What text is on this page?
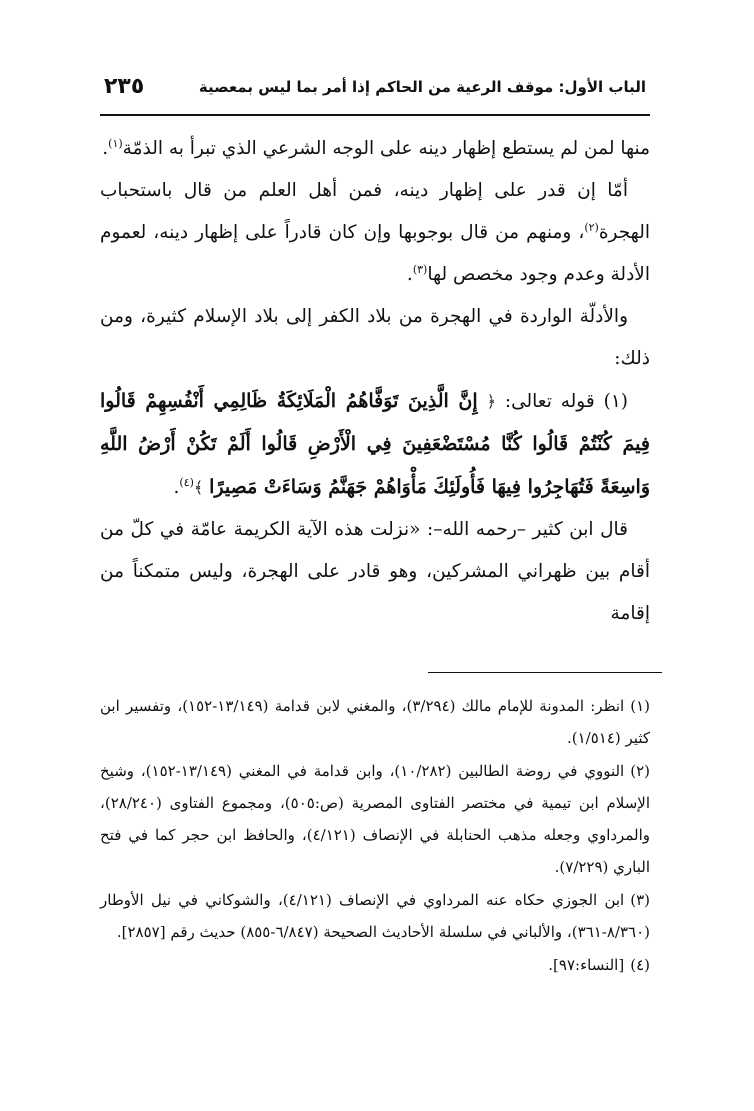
٢٣٥	الباب الأول: موقف الرعية من الحاكم إذا أمر بما ليس بمعصية

منها لمن لم يستطع إظهار دينه على الوجه الشرعي الذي تبرأ به الذمّة$^{(١)}$.

أمّا إن قدر على إظهار دينه، فمن أهل العلم من قال باستحباب الهجرة$^{(٢)}$، ومنهم من قال بوجوبها وإن كان قادراً على إظهار دينه، لعموم الأدلة وعدم وجود مخصص لها$^{(٣)}$.

والأدلّة الواردة في الهجرة من بلاد الكفر إلى بلاد الإسلام كثيرة، ومن ذلك:

(١) قوله تعالى: ﴿ إِنَّ الَّذِينَ تَوَفَّاهُمُ الْمَلَائِكَةُ ظَالِمِي أَنْفُسِهِمْ قَالُوا فِيمَ كُنْتُمْ قَالُوا كُنَّا مُسْتَضْعَفِينَ فِي الْأَرْضِ قَالُوا أَلَمْ تَكُنْ أَرْضُ اللَّهِ وَاسِعَةً فَتُهَاجِرُوا فِيهَا فَأُولَئِكَ مَأْوَاهُمْ جَهَنَّمُ وَسَاءَتْ مَصِيرًا ﴾$^{(٤)}$.

قال ابن كثير –رحمه الله–: «نزلت هذه الآية الكريمة عامّة في كلّ من أقام بين ظهراني المشركين، وهو قادر على الهجرة، وليس متمكناً من إقامة

(١)انظر: المدونة للإمام مالك (٣/٢٩٤)، والمغني لابن قدامة (١٣/١٤٩-١٥٢)، وتفسير ابن كثير (١/٥١٤).

(٢)النووي في روضة الطالبين (١٠/٢٨٢)، وابن قدامة في المغني (١٣/١٤٩-١٥٢)، وشيخ الإسلام ابن تيمية في مختصر الفتاوى المصرية (ص:٥٠٥)، ومجموع الفتاوى (٢٨/٢٤٠)، والمرداوي وجعله مذهب الحنابلة في الإنصاف (٤/١٢١)، والحافظ ابن حجر كما في فتح الباري (٧/٢٢٩).

(٣)ابن الجوزي حكاه عنه المرداوي في الإنصاف (٤/١٢١)، والشوكاني في نيل الأوطار (٨/٣٦٠-٣٦١)، والألباني في سلسلة الأحاديث الصحيحة (٦/٨٤٧-٨٥٥) حديث رقم [٢٨٥٧].

(٤)[النساء:٩٧].
